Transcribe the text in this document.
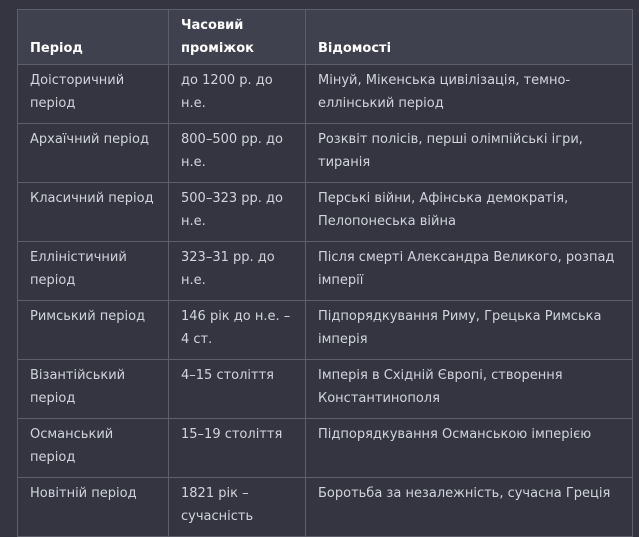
Період	Часовий проміжок	Відомості
Доісторичний період	до 1200 р. до н.е.	Мінуй, Мікенська цивілізація, темно-еллінський період
Архаїчний період	800–500 рр. до н.е.	Розквіт полісів, перші олімпійські ігри, тиранія
Класичний період	500–323 рр. до н.е.	Перські війни, Афінська демократія, Пелопонеська війна
Елліністичний період	323–31 рр. до н.е.	Після смерті Александра Великого, розпад імперії
Римський період	146 рік до н.е. – 4 ст.	Підпорядкування Риму, Грецька Римська імперія
Візантійський період	4–15 століття	Імперія в Східній Європі, створення Константинополя
Османський період	15–19 століття	Підпорядкування Османською імперією
Новітній період	1821 рік – сучасність	Боротьба за незалежність, сучасна Греція
